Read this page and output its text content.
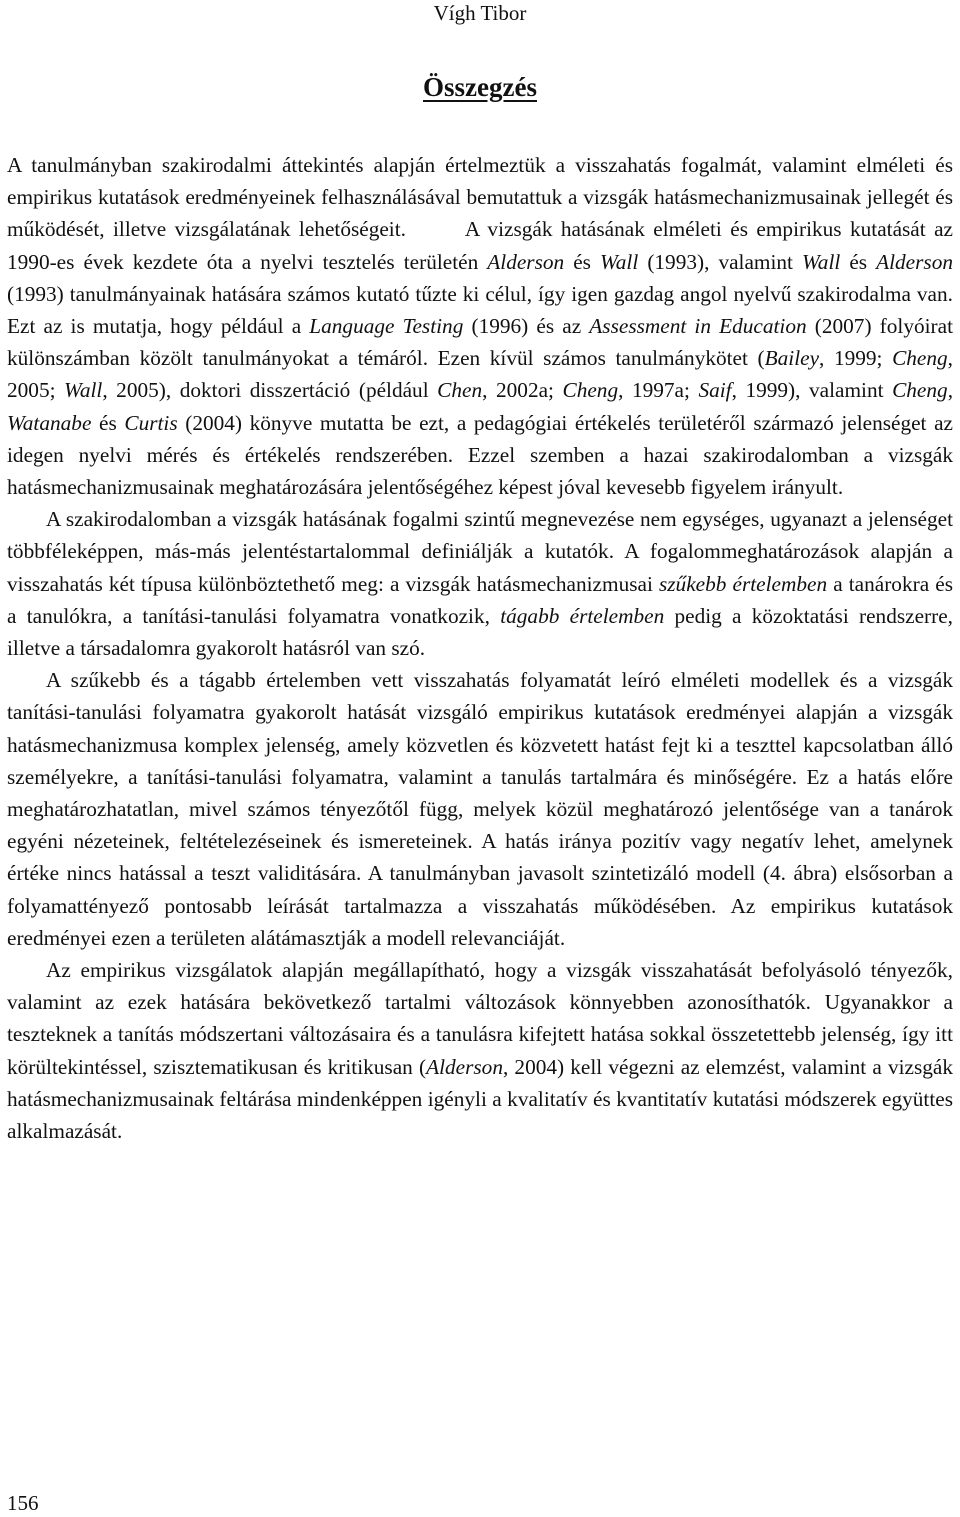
Vígh Tibor
Összegzés

A tanulmányban szakirodalmi áttekintés alapján értelmeztük a visszahatás fogalmát, valamint elméleti és empirikus kutatások eredményeinek felhasználásával bemutattuk a vizsgák hatásmechanizmusainak jellegét és működését, illetve vizsgálatának lehetőségeit.       A vizsgák hatásának elméleti és empirikus kutatását az 1990-es évek kezdete óta a nyelvi tesztelés területén Alderson és Wall (1993), valamint Wall és Alderson (1993) tanulmányainak hatására számos kutató tűzte ki célul, így igen gazdag angol nyelvű szakirodalma van. Ezt az is mutatja, hogy például a Language Testing (1996) és az Assessment in Education (2007) folyóirat különszámban közölt tanulmányokat a témáról. Ezen kívül számos tanulmánykötet (Bailey, 1999; Cheng, 2005; Wall, 2005), doktori disszertáció (például Chen, 2002a; Cheng, 1997a; Saif, 1999), valamint Cheng, Watanabe és Curtis (2004) könyve mutatta be ezt, a pedagógiai értékelés területéről származó jelenséget az idegen nyelvi mérés és értékelés rendszerében. Ezzel szemben a hazai szakirodalomban a vizsgák hatásmechanizmusainak meghatározására jelentőségéhez képest jóval kevesebb figyelem irányult.

A szakirodalomban a vizsgák hatásának fogalmi szintű megnevezése nem egységes, ugyanazt a jelenséget többféleképpen, más-más jelentéstartalommal definiálják a kutatók. A fogalommeghatározások alapján a visszahatás két típusa különböztethető meg: a vizsgák hatásmechanizmusai szűkebb értelemben a tanárokra és a tanulókra, a tanítási-tanulási folyamatra vonatkozik, tágabb értelemben pedig a közoktatási rendszerre, illetve a társadalomra gyakorolt hatásról van szó.

A szűkebb és a tágabb értelemben vett visszahatás folyamatát leíró elméleti modellek és a vizsgák tanítási-tanulási folyamatra gyakorolt hatását vizsgáló empirikus kutatások eredményei alapján a vizsgák hatásmechanizmusa komplex jelenség, amely közvetlen és közvetett hatást fejt ki a teszttel kapcsolatban álló személyekre, a tanítási-tanulási folyamatra, valamint a tanulás tartalmára és minőségére. Ez a hatás előre meghatározhatatlan, mivel számos tényezőtől függ, melyek közül meghatározó jelentősége van a tanárok egyéni nézeteinek, feltételezéseinek és ismereteinek. A hatás iránya pozitív vagy negatív lehet, amelynek értéke nincs hatással a teszt validitására. A tanulmányban javasolt szintetizáló modell (4. ábra) elsősorban a folyamattényező pontosabb leírását tartalmazza a visszahatás működésében. Az empirikus kutatások eredményei ezen a területen alátámasztják a modell relevanciáját.

Az empirikus vizsgálatok alapján megállapítható, hogy a vizsgák visszahatását befolyásoló tényezők, valamint az ezek hatására bekövetkező tartalmi változások könnyebben azonosíthatók. Ugyanakkor a teszteknek a tanítás módszertani változásaira és a tanulásra kifejtett hatása sokkal összetettebb jelenség, így itt körültekintéssel, szisztematikusan és kritikusan (Alderson, 2004) kell végezni az elemzést, valamint a vizsgák hatásmechanizmusainak feltárása mindenképpen igényli a kvalitatív és kvantitatív kutatási módszerek együttes alkalmazását.

156
